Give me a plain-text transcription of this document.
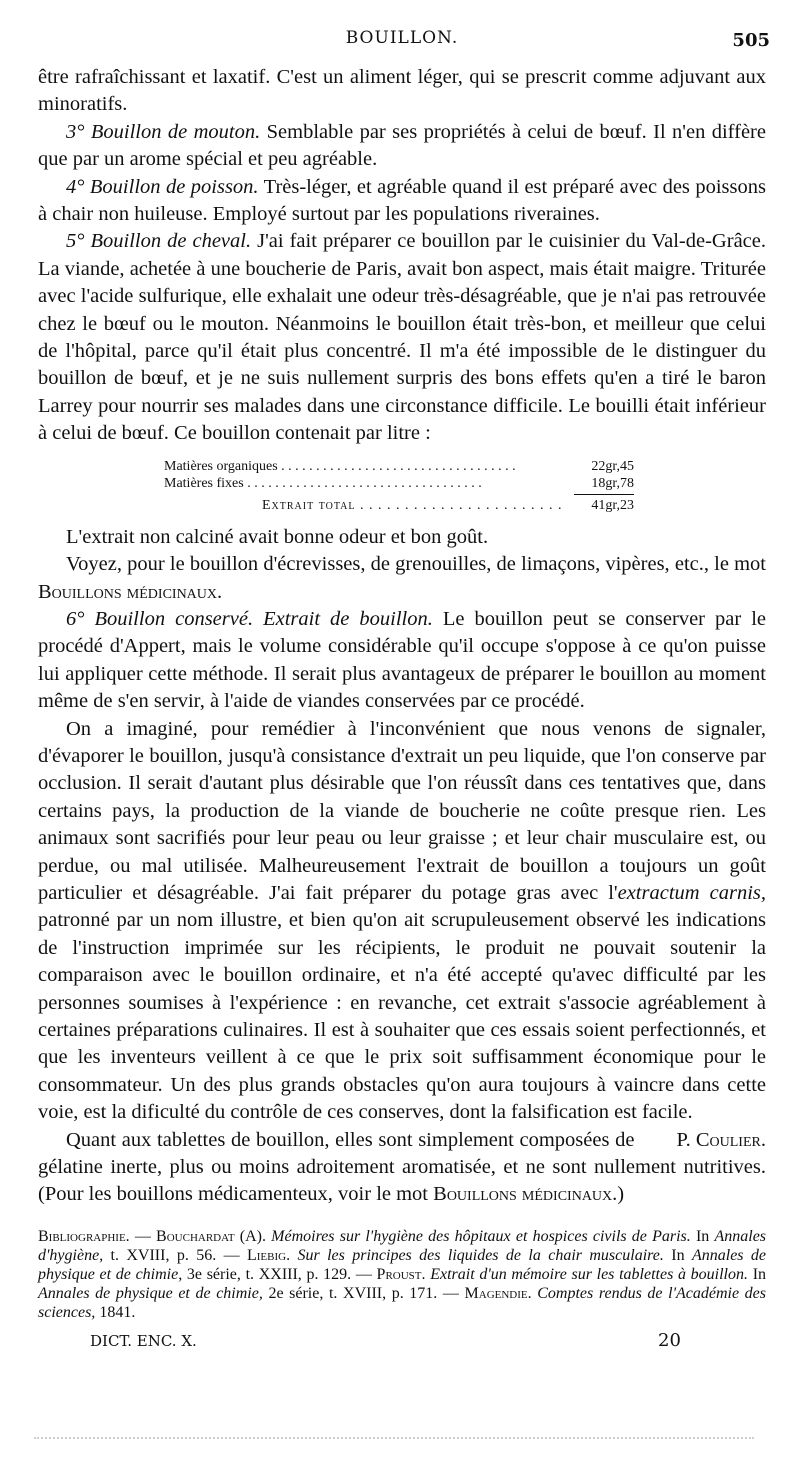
BOUILLON.	505

être rafraîchissant et laxatif. C'est un aliment léger, qui se prescrit comme adjuvant aux minoratifs.

3° Bouillon de mouton. Semblable par ses propriétés à celui de bœuf. Il n'en diffère que par un arome spécial et peu agréable.

4° Bouillon de poisson. Très-léger, et agréable quand il est préparé avec des poissons à chair non huileuse. Employé surtout par les populations riveraines.

5° Bouillon de cheval. J'ai fait préparer ce bouillon par le cuisinier du Val-de-Grâce. La viande, achetée à une boucherie de Paris, avait bon aspect, mais était maigre. Triturée avec l'acide sulfurique, elle exhalait une odeur très-désagréable, que je n'ai pas retrouvée chez le bœuf ou le mouton. Néanmoins le bouillon était très-bon, et meilleur que celui de l'hôpital, parce qu'il était plus concentré. Il m'a été impossible de le distinguer du bouillon de bœuf, et je ne suis nullement surpris des bons effets qu'en a tiré le baron Larrey pour nourrir ses malades dans une circonstance difficile. Le bouilli était inférieur à celui de bœuf. Ce bouillon contenait par litre :

Matières organiques . . .	22gr,45
Matières fixes . . .	18gr,78
Extrait total . . .	41gr,23

L'extrait non calciné avait bonne odeur et bon goût.

Voyez, pour le bouillon d'écrevisses, de grenouilles, de limaçons, vipères, etc., le mot Bouillons médicinaux.

6° Bouillon conservé. Extrait de bouillon. Le bouillon peut se conserver par le procédé d'Appert, mais le volume considérable qu'il occupe s'oppose à ce qu'on puisse lui appliquer cette méthode. Il serait plus avantageux de préparer le bouillon au moment même de s'en servir, à l'aide de viandes conservées par ce procédé.

On a imaginé, pour remédier à l'inconvénient que nous venons de signaler, d'évaporer le bouillon, jusqu'à consistance d'extrait un peu liquide, que l'on conserve par occlusion. Il serait d'autant plus désirable que l'on réussît dans ces tentatives que, dans certains pays, la production de la viande de boucherie ne coûte presque rien. Les animaux sont sacrifiés pour leur peau ou leur graisse ; et leur chair musculaire est, ou perdue, ou mal utilisée. Malheureusement l'extrait de bouillon a toujours un goût particulier et désagréable. J'ai fait préparer du potage gras avec l'extractum carnis, patronné par un nom illustre, et bien qu'on ait scrupuleusement observé les indications de l'instruction imprimée sur les récipients, le produit ne pouvait soutenir la comparaison avec le bouillon ordinaire, et n'a été accepté qu'avec difficulté par les personnes soumises à l'expérience : en revanche, cet extrait s'associe agréablement à certaines préparations culinaires. Il est à souhaiter que ces essais soient perfectionnés, et que les inventeurs veillent à ce que le prix soit suffisamment économique pour le consommateur. Un des plus grands obstacles qu'on aura toujours à vaincre dans cette voie, est la dificulté du contrôle de ces conserves, dont la falsification est facile.

P. Coulier.
Quant aux tablettes de bouillon, elles sont simplement composées de gélatine inerte, plus ou moins adroitement aromatisée, et ne sont nullement nutritives. (Pour les bouillons médicamenteux, voir le mot Bouillons médicinaux.)

Bibliographie. — Bouchardat (A). Mémoires sur l'hygiène des hôpitaux et hospices civils de Paris. In Annales d'hygiène, t. XVIII, p. 56. — Liebig. Sur les principes des liquides de la chair musculaire. In Annales de physique et de chimie, 3e série, t. XXIII, p. 129. — Proust. Extrait d'un mémoire sur les tablettes à bouillon. In Annales de physique et de chimie, 2e série, t. XVIII, p. 171. — Magendie. Comptes rendus de l'Académie des sciences, 1841.
DICT. ENC. X.	20
